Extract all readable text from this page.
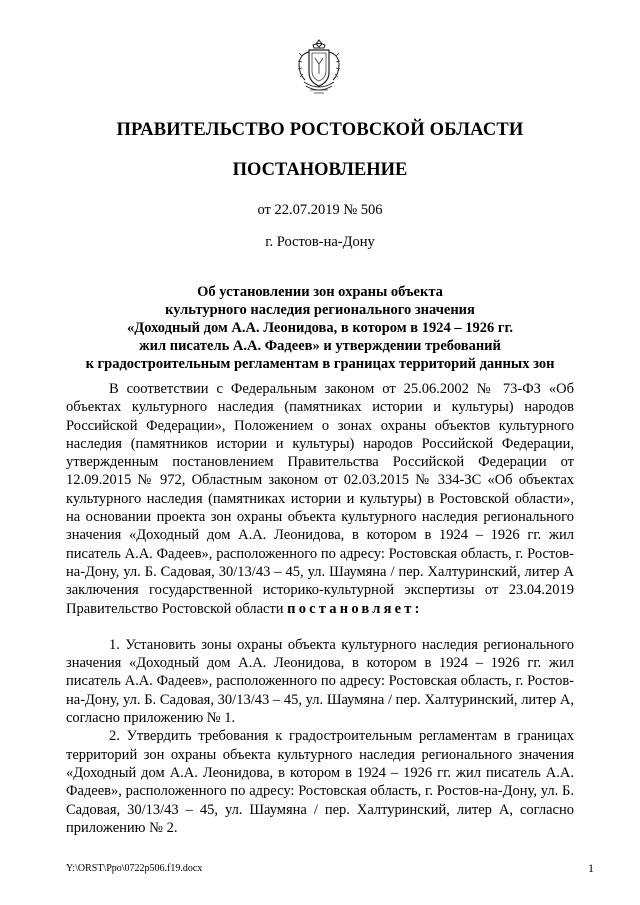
ПРАВИТЕЛЬСТВО РОСТОВСКОЙ ОБЛАСТИ
ПОСТАНОВЛЕНИЕ
от 22.07.2019 № 506
г. Ростов-на-Дону
Об установлении зон охраны объекта
культурного наследия регионального значения
«Доходный дом А.А. Леонидова, в котором в 1924 – 1926 гг.
жил писатель А.А. Фадеев» и утверждении требований
к градостроительным регламентам в границах территорий данных зон

В соответствии с Федеральным законом от 25.06.2002 № 73-ФЗ «Об объектах культурного наследия (памятниках истории и культуры) народов Российской Федерации», Положением о зонах охраны объектов культурного наследия (памятников истории и культуры) народов Российской Федерации, утвержденным постановлением Правительства Российской Федерации от 12.09.2015 № 972, Областным законом от 02.03.2015 № 334-ЗС «Об объектах культурного наследия (памятниках истории и культуры) в Ростовской области», на основании проекта зон охраны объекта культурного наследия регионального значения «Доходный дом А.А. Леонидова, в котором в 1924 – 1926 гг. жил писатель А.А. Фадеев», расположенного по адресу: Ростовская область, г. Ростов-на-Дону, ул. Б. Садовая, 30/13/43 – 45, ул. Шаумяна / пер. Халтуринский, литер А заключения государственной историко-культурной экспертизы от 23.04.2019 Правительство Ростовской области постановляет:

1. Установить зоны охраны объекта культурного наследия регионального значения «Доходный дом А.А. Леонидова, в котором в 1924 – 1926 гг. жил писатель А.А. Фадеев», расположенного по адресу: Ростовская область, г. Ростов-на-Дону, ул. Б. Садовая, 30/13/43 – 45, ул. Шаумяна / пер. Халтуринский, литер А, согласно приложению № 1.

2. Утвердить требования к градостроительным регламентам в границах территорий зон охраны объекта культурного наследия регионального значения «Доходный дом А.А. Леонидова, в котором в 1924 – 1926 гг. жил писатель А.А. Фадеев», расположенного по адресу: Ростовская область, г. Ростов-на-Дону, ул. Б. Садовая, 30/13/43 – 45, ул. Шаумяна / пер. Халтуринский, литер А, согласно приложению № 2.

Y:\ORST\Ppo\0722p506.f19.docx	1
